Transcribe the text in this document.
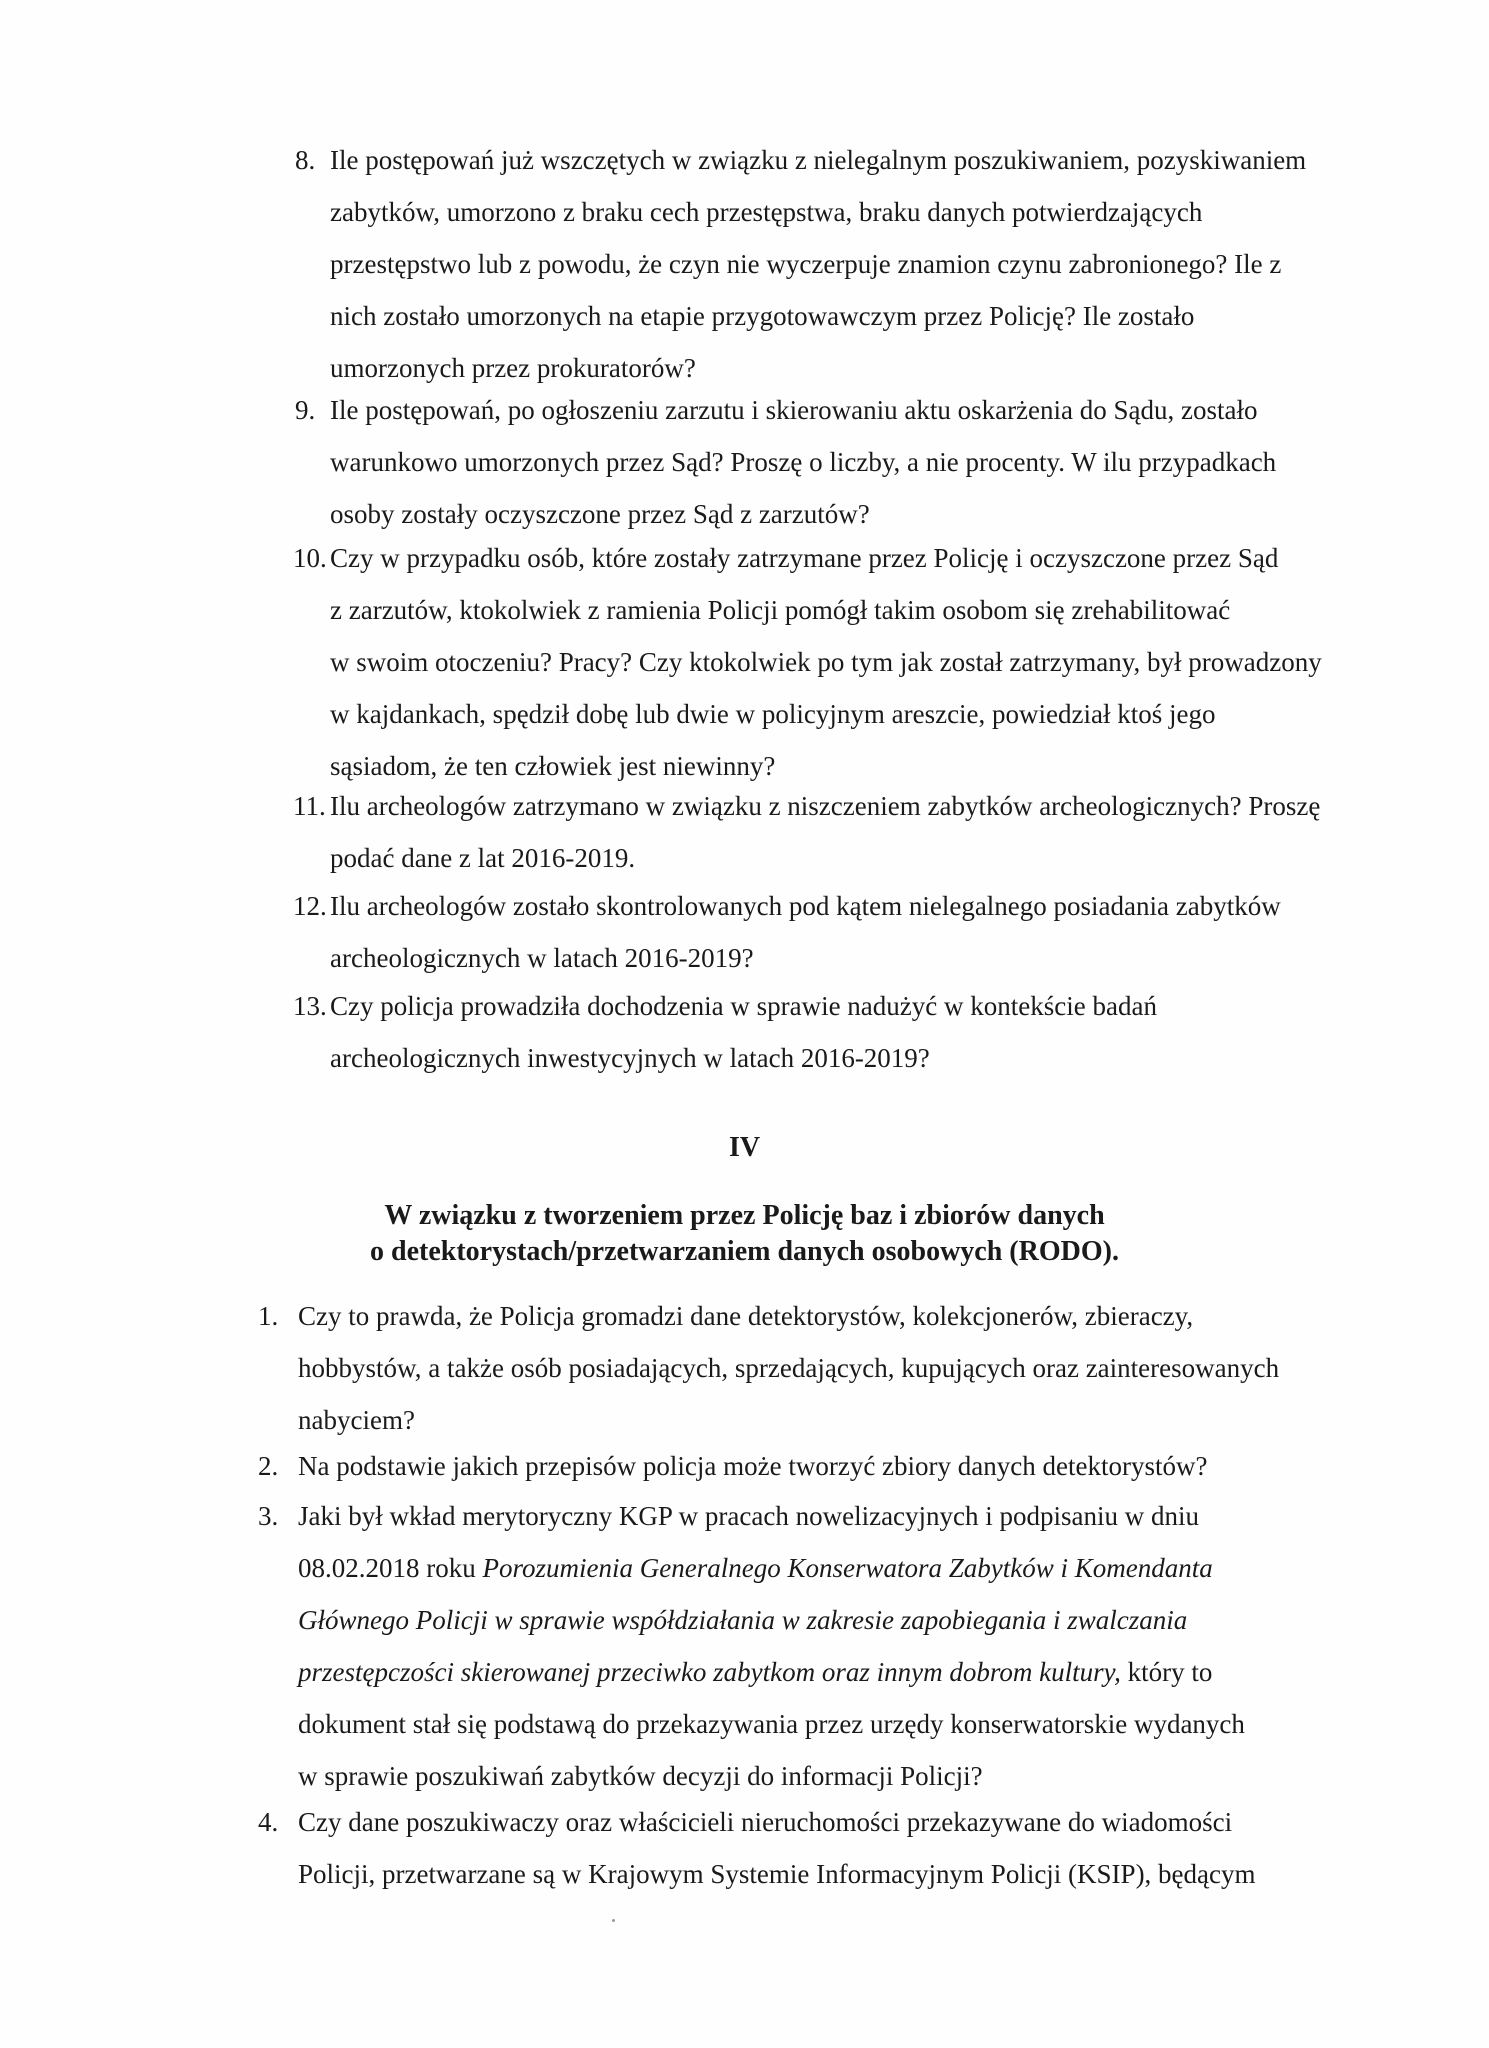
8. Ile postępowań już wszczętych w związku z nielegalnym poszukiwaniem, pozyskiwaniem
zabytków, umorzono z braku cech przestępstwa, braku danych potwierdzających
przestępstwo lub z powodu, że czyn nie wyczerpuje znamion czynu zabronionego? Ile z
nich zostało umorzonych na etapie przygotowawczym przez Policję? Ile zostało
umorzonych przez prokuratorów?
9. Ile postępowań, po ogłoszeniu zarzutu i skierowaniu aktu oskarżenia do Sądu, zostało
warunkowo umorzonych przez Sąd? Proszę o liczby, a nie procenty. W ilu przypadkach
osoby zostały oczyszczone przez Sąd z zarzutów?
10. Czy w przypadku osób, które zostały zatrzymane przez Policję i oczyszczone przez Sąd
z zarzutów, ktokolwiek z ramienia Policji pomógł takim osobom się zrehabilitować
w swoim otoczeniu? Pracy? Czy ktokolwiek po tym jak został zatrzymany, był prowadzony
w kajdankach, spędził dobę lub dwie w policyjnym areszcie, powiedział ktoś jego
sąsiadom, że ten człowiek jest niewinny?
11. Ilu archeologów zatrzymano w związku z niszczeniem zabytków archeologicznych? Proszę
podać dane z lat 2016-2019.
12. Ilu archeologów zostało skontrolowanych pod kątem nielegalnego posiadania zabytków
archeologicznych w latach 2016-2019?
13. Czy policja prowadziła dochodzenia w sprawie nadużyć w kontekście badań
archeologicznych inwestycyjnych w latach 2016-2019?
IV
W związku z tworzeniem przez Policję baz i zbiorów danych
o detektorystach/przetwarzaniem danych osobowych (RODO).
1. Czy to prawda, że Policja gromadzi dane detektorystów, kolekcjonerów, zbieraczy,
hobbystów, a także osób posiadających, sprzedających, kupujących oraz zainteresowanych
nabyciem?
2. Na podstawie jakich przepisów policja może tworzyć zbiory danych detektorystów?
3. Jaki był wkład merytoryczny KGP w pracach nowelizacyjnych i podpisaniu w dniu
08.02.2018 roku Porozumienia Generalnego Konserwatora Zabytków i Komendanta
Głównego Policji w sprawie współdziałania w zakresie zapobiegania i zwalczania
przestępczości skierowanej przeciwko zabytkom oraz innym dobrom kultury, który to
dokument stał się podstawą do przekazywania przez urzędy konserwatorskie wydanych
w sprawie poszukiwań zabytków decyzji do informacji Policji?
4. Czy dane poszukiwaczy oraz właścicieli nieruchomości przekazywane do wiadomości
Policji, przetwarzane są w Krajowym Systemie Informacyjnym Policji (KSIP), będącym
